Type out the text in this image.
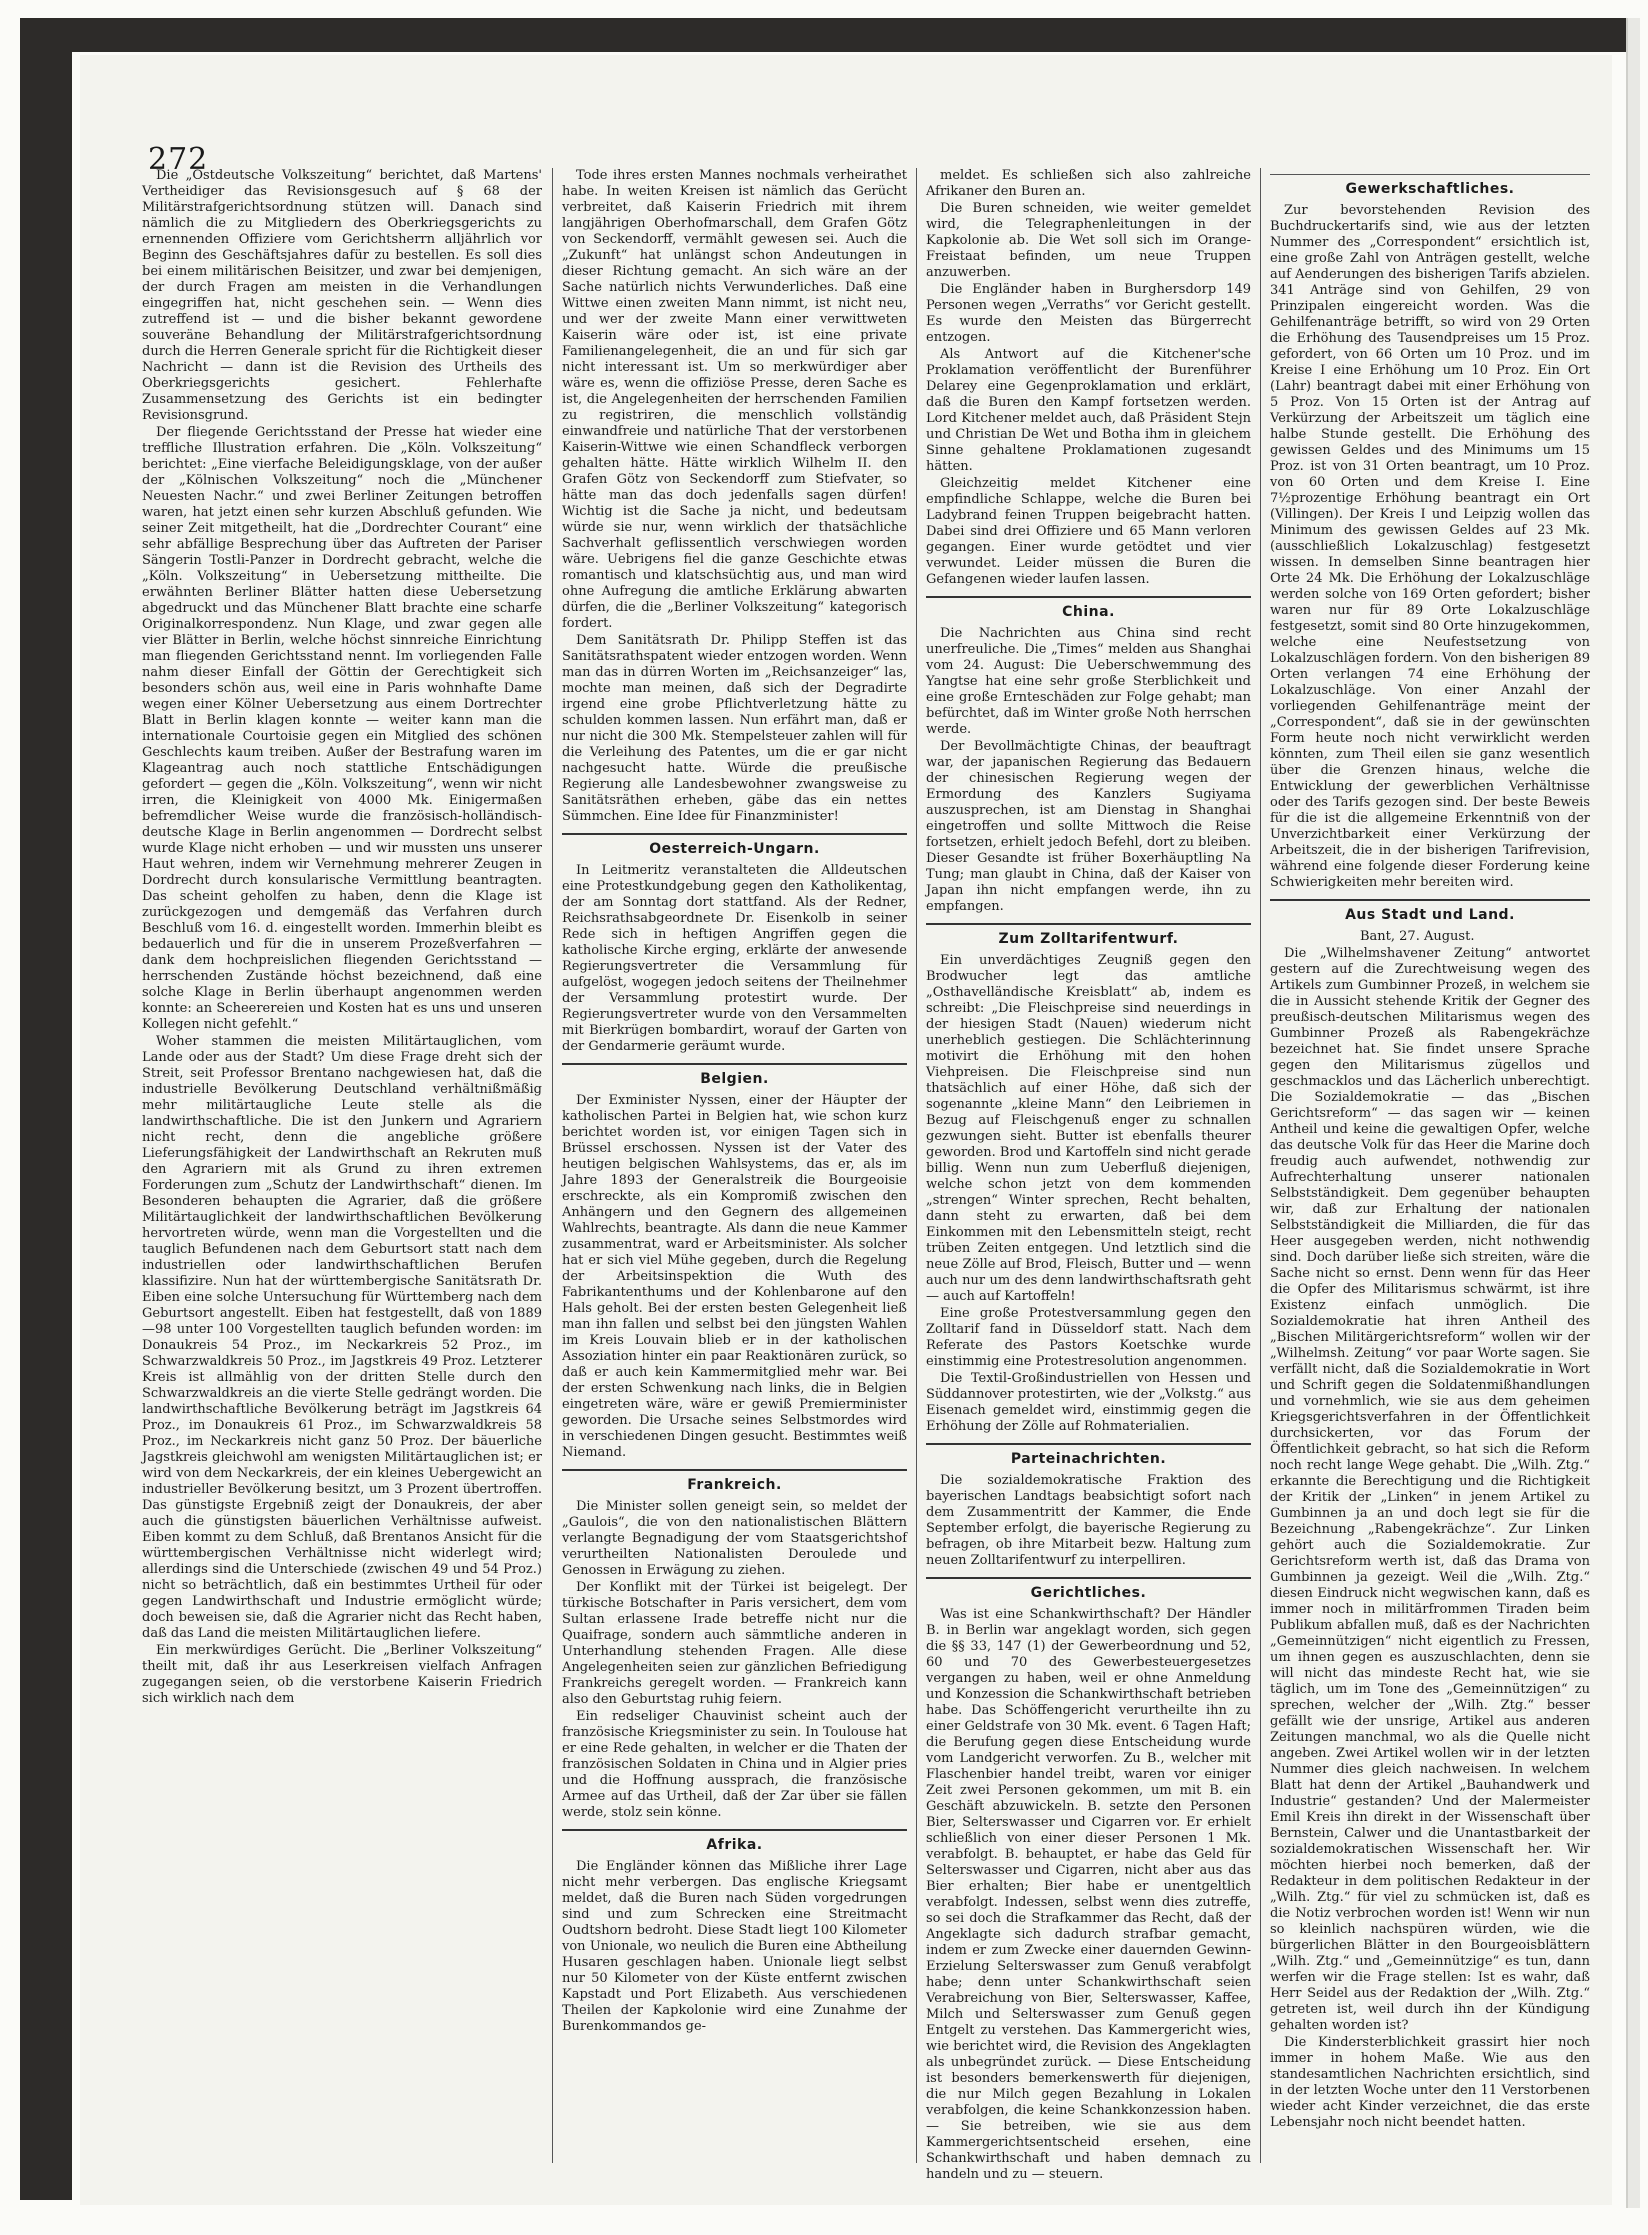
272

Die „Ostdeutsche Volkszeitung“ berichtet, daß Martens' Vertheidiger das Revisionsgesuch auf § 68 der Militärstrafgerichtsordnung stützen will. Danach sind nämlich die zu Mitgliedern des Oberkriegsgerichts zu ernennenden Offiziere vom Gerichtsherrn alljährlich vor Beginn des Geschäftsjahres dafür zu bestellen. Es soll dies bei einem militärischen Beisitzer, und zwar bei demjenigen, der durch Fragen am meisten in die Verhandlungen eingegriffen hat, nicht geschehen sein. — Wenn dies zutreffend ist — und die bisher bekannt gewordene souveräne Behandlung der Militärstrafgerichtsordnung durch die Herren Generale spricht für die Richtigkeit dieser Nachricht — dann ist die Revision des Urtheils des Oberkriegsgerichts gesichert. Fehlerhafte Zusammensetzung des Gerichts ist ein bedingter Revisionsgrund.

Der fliegende Gerichtsstand der Presse hat wieder eine treffliche Illustration erfahren. Die „Köln. Volkszeitung“ berichtet: „Eine vierfache Beleidigungsklage, von der außer der „Kölnischen Volkszeitung“ noch die „Münchener Neuesten Nachr.“ und zwei Berliner Zeitungen betroffen waren, hat jetzt einen sehr kurzen Abschluß gefunden. Wie seiner Zeit mitgetheilt, hat die „Dordrechter Courant“ eine sehr abfällige Besprechung über das Auftreten der Pariser Sängerin Tostli-Panzer in Dordrecht gebracht, welche die „Köln. Volkszeitung“ in Uebersetzung mittheilte. Die erwähnten Berliner Blätter hatten diese Uebersetzung abgedruckt und das Münchener Blatt brachte eine scharfe Originalkorrespondenz. Nun Klage, und zwar gegen alle vier Blätter in Berlin, welche höchst sinnreiche Einrichtung man fliegenden Gerichtsstand nennt. Im vorliegenden Falle nahm dieser Einfall der Göttin der Gerechtigkeit sich besonders schön aus, weil eine in Paris wohnhafte Dame wegen einer Kölner Uebersetzung aus einem Dortrechter Blatt in Berlin klagen konnte — weiter kann man die internationale Courtoisie gegen ein Mitglied des schönen Geschlechts kaum treiben. Außer der Bestrafung waren im Klageantrag auch noch stattliche Entschädigungen gefordert — gegen die „Köln. Volkszeitung“, wenn wir nicht irren, die Kleinigkeit von 4000 Mk. Einigermaßen befremdlicher Weise wurde die französisch-holländisch-deutsche Klage in Berlin angenommen — Dordrecht selbst wurde Klage nicht erhoben — und wir mussten uns unserer Haut wehren, indem wir Vernehmung mehrerer Zeugen in Dordrecht durch konsularische Vermittlung beantragten. Das scheint geholfen zu haben, denn die Klage ist zurückgezogen und demgemäß das Verfahren durch Beschluß vom 16. d. eingestellt worden. Immerhin bleibt es bedauerlich und für die in unserem Prozeßverfahren — dank dem hochpreislichen fliegenden Gerichtsstand — herrschenden Zustände höchst bezeichnend, daß eine solche Klage in Berlin überhaupt angenommen werden konnte: an Scheerereien und Kosten hat es uns und unseren Kollegen nicht gefehlt.“

Woher stammen die meisten Militärtauglichen, vom Lande oder aus der Stadt? Um diese Frage dreht sich der Streit, seit Professor Brentano nachgewiesen hat, daß die industrielle Bevölkerung Deutschland verhältnißmäßig mehr militärtaugliche Leute stelle als die landwirthschaftliche. Die ist den Junkern und Agrariern nicht recht, denn die angebliche größere Lieferungsfähigkeit der Landwirthschaft an Rekruten muß den Agrariern mit als Grund zu ihren extremen Forderungen zum „Schutz der Landwirthschaft“ dienen. Im Besonderen behaupten die Agrarier, daß die größere Militärtauglichkeit der landwirthschaftlichen Bevölkerung hervortreten würde, wenn man die Vorgestellten und die tauglich Befundenen nach dem Geburtsort statt nach dem industriellen oder landwirthschaftlichen Berufen klassifizire. Nun hat der württembergische Sanitätsrath Dr. Eiben eine solche Untersuchung für Württemberg nach dem Geburtsort angestellt. Eiben hat festgestellt, daß von 1889—98 unter 100 Vorgestellten tauglich befunden worden: im Donaukreis 54 Proz., im Neckarkreis 52 Proz., im Schwarzwaldkreis 50 Proz., im Jagstkreis 49 Proz. Letzterer Kreis ist allmählig von der dritten Stelle durch den Schwarzwaldkreis an die vierte Stelle gedrängt worden. Die landwirthschaftliche Bevölkerung beträgt im Jagstkreis 64 Proz., im Donaukreis 61 Proz., im Schwarzwaldkreis 58 Proz., im Neckarkreis nicht ganz 50 Proz. Der bäuerliche Jagstkreis gleichwohl am wenigsten Militärtauglichen ist; er wird von dem Neckarkreis, der ein kleines Uebergewicht an industrieller Bevölkerung besitzt, um 3 Prozent übertroffen. Das günstigste Ergebniß zeigt der Donaukreis, der aber auch die günstigsten bäuerlichen Verhältnisse aufweist. Eiben kommt zu dem Schluß, daß Brentanos Ansicht für die württembergischen Verhältnisse nicht widerlegt wird; allerdings sind die Unterschiede (zwischen 49 und 54 Proz.) nicht so beträchtlich, daß ein bestimmtes Urtheil für oder gegen Landwirthschaft und Industrie ermöglicht würde; doch beweisen sie, daß die Agrarier nicht das Recht haben, daß das Land die meisten Militärtauglichen liefere.

Ein merkwürdiges Gerücht. Die „Berliner Volkszeitung“ theilt mit, daß ihr aus Leserkreisen vielfach Anfragen zugegangen seien, ob die verstorbene Kaiserin Friedrich sich wirklich nach dem

Tode ihres ersten Mannes nochmals verheirathet habe. In weiten Kreisen ist nämlich das Gerücht verbreitet, daß Kaiserin Friedrich mit ihrem langjährigen Oberhofmarschall, dem Grafen Götz von Seckendorff, vermählt gewesen sei. Auch die „Zukunft“ hat unlängst schon Andeutungen in dieser Richtung gemacht. An sich wäre an der Sache natürlich nichts Verwunderliches. Daß eine Wittwe einen zweiten Mann nimmt, ist nicht neu, und wer der zweite Mann einer verwittweten Kaiserin wäre oder ist, ist eine private Familienangelegenheit, die an und für sich gar nicht interessant ist. Um so merkwürdiger aber wäre es, wenn die offiziöse Presse, deren Sache es ist, die Angelegenheiten der herrschenden Familien zu registriren, die menschlich vollständig einwandfreie und natürliche That der verstorbenen Kaiserin-Wittwe wie einen Schandfleck verborgen gehalten hätte. Hätte wirklich Wilhelm II. den Grafen Götz von Seckendorff zum Stiefvater, so hätte man das doch jedenfalls sagen dürfen! Wichtig ist die Sache ja nicht, und bedeutsam würde sie nur, wenn wirklich der thatsächliche Sachverhalt geflissentlich verschwiegen worden wäre. Uebrigens fiel die ganze Geschichte etwas romantisch und klatschsüchtig aus, und man wird ohne Aufregung die amtliche Erklärung abwarten dürfen, die die „Berliner Volkszeitung“ kategorisch fordert.

Dem Sanitätsrath Dr. Philipp Steffen ist das Sanitätsrathspatent wieder entzogen worden. Wenn man das in dürren Worten im „Reichsanzeiger“ las, mochte man meinen, daß sich der Degradirte irgend eine grobe Pflichtverletzung hätte zu schulden kommen lassen. Nun erfährt man, daß er nur nicht die 300 Mk. Stempelsteuer zahlen will für die Verleihung des Patentes, um die er gar nicht nachgesucht hatte. Würde die preußische Regierung alle Landesbewohner zwangsweise zu Sanitätsräthen erheben, gäbe das ein nettes Sümmchen. Eine Idee für Finanzminister!

Oesterreich-Ungarn.

In Leitmeritz veranstalteten die Alldeutschen eine Protestkundgebung gegen den Katholikentag, der am Sonntag dort stattfand. Als der Redner, Reichsrathsabgeordnete Dr. Eisenkolb in seiner Rede sich in heftigen Angriffen gegen die katholische Kirche erging, erklärte der anwesende Regierungsvertreter die Versammlung für aufgelöst, wogegen jedoch seitens der Theilnehmer der Versammlung protestirt wurde. Der Regierungsvertreter wurde von den Versammelten mit Bierkrügen bombardirt, worauf der Garten von der Gendarmerie geräumt wurde.

Belgien.

Der Exminister Nyssen, einer der Häupter der katholischen Partei in Belgien hat, wie schon kurz berichtet worden ist, vor einigen Tagen sich in Brüssel erschossen. Nyssen ist der Vater des heutigen belgischen Wahlsystems, das er, als im Jahre 1893 der Generalstreik die Bourgeoisie erschreckte, als ein Kompromiß zwischen den Anhängern und den Gegnern des allgemeinen Wahlrechts, beantragte. Als dann die neue Kammer zusammentrat, ward er Arbeitsminister. Als solcher hat er sich viel Mühe gegeben, durch die Regelung der Arbeitsinspektion die Wuth des Fabrikantenthums und der Kohlenbarone auf den Hals geholt. Bei der ersten besten Gelegenheit ließ man ihn fallen und selbst bei den jüngsten Wahlen im Kreis Louvain blieb er in der katholischen Assoziation hinter ein paar Reaktionären zurück, so daß er auch kein Kammermitglied mehr war. Bei der ersten Schwenkung nach links, die in Belgien eingetreten wäre, wäre er gewiß Premierminister geworden. Die Ursache seines Selbstmordes wird in verschiedenen Dingen gesucht. Bestimmtes weiß Niemand.

Frankreich.

Die Minister sollen geneigt sein, so meldet der „Gaulois“, die von den nationalistischen Blättern verlangte Begnadigung der vom Staatsgerichtshof verurtheilten Nationalisten Deroulede und Genossen in Erwägung zu ziehen.

Der Konflikt mit der Türkei ist beigelegt. Der türkische Botschafter in Paris versichert, dem vom Sultan erlassene Irade betreffe nicht nur die Quaifrage, sondern auch sämmtliche anderen in Unterhandlung stehenden Fragen. Alle diese Angelegenheiten seien zur gänzlichen Befriedigung Frankreichs geregelt worden. — Frankreich kann also den Geburtstag ruhig feiern.

Ein redseliger Chauvinist scheint auch der französische Kriegsminister zu sein. In Toulouse hat er eine Rede gehalten, in welcher er die Thaten der französischen Soldaten in China und in Algier pries und die Hoffnung aussprach, die französische Armee auf das Urtheil, daß der Zar über sie fällen werde, stolz sein könne.

Afrika.

Die Engländer können das Mißliche ihrer Lage nicht mehr verbergen. Das englische Kriegsamt meldet, daß die Buren nach Süden vorgedrungen sind und zum Schrecken eine Streitmacht Oudtshorn bedroht. Diese Stadt liegt 100 Kilometer von Unionale, wo neulich die Buren eine Abtheilung Husaren geschlagen haben. Unionale liegt selbst nur 50 Kilometer von der Küste entfernt zwischen Kapstadt und Port Elizabeth. Aus verschiedenen Theilen der Kapkolonie wird eine Zunahme der Burenkommandos ge-

meldet. Es schließen sich also zahlreiche Afrikaner den Buren an.

Die Buren schneiden, wie weiter gemeldet wird, die Telegraphenleitungen in der Kapkolonie ab. Die Wet soll sich im Orange-Freistaat befinden, um neue Truppen anzuwerben.

Die Engländer haben in Burghersdorp 149 Personen wegen „Verraths“ vor Gericht gestellt. Es wurde den Meisten das Bürgerrecht entzogen.

Als Antwort auf die Kitchener'sche Proklamation veröffentlicht der Burenführer Delarey eine Gegenproklamation und erklärt, daß die Buren den Kampf fortsetzen werden. Lord Kitchener meldet auch, daß Präsident Stejn und Christian De Wet und Botha ihm in gleichem Sinne gehaltene Proklamationen zugesandt hätten.

Gleichzeitig meldet Kitchener eine empfindliche Schlappe, welche die Buren bei Ladybrand feinen Truppen beigebracht hatten. Dabei sind drei Offiziere und 65 Mann verloren gegangen. Einer wurde getödtet und vier verwundet. Leider müssen die Buren die Gefangenen wieder laufen lassen.

China.

Die Nachrichten aus China sind recht unerfreuliche. Die „Times“ melden aus Shanghai vom 24. August: Die Ueberschwemmung des Yangtse hat eine sehr große Sterblichkeit und eine große Ernteschäden zur Folge gehabt; man befürchtet, daß im Winter große Noth herrschen werde.

Der Bevollmächtigte Chinas, der beauftragt war, der japanischen Regierung das Bedauern der chinesischen Regierung wegen der Ermordung des Kanzlers Sugiyama auszusprechen, ist am Dienstag in Shanghai eingetroffen und sollte Mittwoch die Reise fortsetzen, erhielt jedoch Befehl, dort zu bleiben. Dieser Gesandte ist früher Boxerhäuptling Na Tung; man glaubt in China, daß der Kaiser von Japan ihn nicht empfangen werde, ihn zu empfangen.

Zum Zolltarifentwurf.

Ein unverdächtiges Zeugniß gegen den Brodwucher legt das amtliche „Osthavelländische Kreisblatt“ ab, indem es schreibt: „Die Fleischpreise sind neuerdings in der hiesigen Stadt (Nauen) wiederum nicht unerheblich gestiegen. Die Schlächterinnung motivirt die Erhöhung mit den hohen Viehpreisen. Die Fleischpreise sind nun thatsächlich auf einer Höhe, daß sich der sogenannte „kleine Mann“ den Leibriemen in Bezug auf Fleischgenuß enger zu schnallen gezwungen sieht. Butter ist ebenfalls theurer geworden. Brod und Kartoffeln sind nicht gerade billig. Wenn nun zum Ueberfluß diejenigen, welche schon jetzt von dem kommenden „strengen“ Winter sprechen, Recht behalten, dann steht zu erwarten, daß bei dem Einkommen mit den Lebensmitteln steigt, recht trüben Zeiten entgegen. Und letztlich sind die neue Zölle auf Brod, Fleisch, Butter und — wenn auch nur um des denn landwirthschaftsrath geht — auch auf Kartoffeln!

Eine große Protestversammlung gegen den Zolltarif fand in Düsseldorf statt. Nach dem Referate des Pastors Koetschke wurde einstimmig eine Protestresolution angenommen.

Die Textil-Großindustriellen von Hessen und Süddannover protestirten, wie der „Volkstg.“ aus Eisenach gemeldet wird, einstimmig gegen die Erhöhung der Zölle auf Rohmaterialien.

Parteinachrichten.

Die sozialdemokratische Fraktion des bayerischen Landtags beabsichtigt sofort nach dem Zusammentritt der Kammer, die Ende September erfolgt, die bayerische Regierung zu befragen, ob ihre Mitarbeit bezw. Haltung zum neuen Zolltarifentwurf zu interpelliren.

Gerichtliches.

Was ist eine Schankwirthschaft? Der Händler B. in Berlin war angeklagt worden, sich gegen die §§ 33, 147 (1) der Gewerbeordnung und 52, 60 und 70 des Gewerbesteuergesetzes vergangen zu haben, weil er ohne Anmeldung und Konzession die Schankwirthschaft betrieben habe. Das Schöffengericht verurtheilte ihn zu einer Geldstrafe von 30 Mk. event. 6 Tagen Haft; die Berufung gegen diese Entscheidung wurde vom Landgericht verworfen. Zu B., welcher mit Flaschenbier handel treibt, waren vor einiger Zeit zwei Personen gekommen, um mit B. ein Geschäft abzuwickeln. B. setzte den Personen Bier, Selterswasser und Cigarren vor. Er erhielt schließlich von einer dieser Personen 1 Mk. verabfolgt. B. behauptet, er habe das Geld für Selterswasser und Cigarren, nicht aber aus das Bier erhalten; Bier habe er unentgeltlich verabfolgt. Indessen, selbst wenn dies zutreffe, so sei doch die Strafkammer das Recht, daß der Angeklagte sich dadurch strafbar gemacht, indem er zum Zwecke einer dauernden Gewinn-Erzielung Selterswasser zum Genuß verabfolgt habe; denn unter Schankwirthschaft seien Verabreichung von Bier, Selterswasser, Kaffee, Milch und Selterswasser zum Genuß gegen Entgelt zu verstehen. Das Kammergericht wies, wie berichtet wird, die Revision des Angeklagten als unbegründet zurück. — Diese Entscheidung ist besonders bemerkenswerth für diejenigen, die nur Milch gegen Bezahlung in Lokalen verabfolgen, die keine Schankkonzession haben. — Sie betreiben, wie sie aus dem Kammergerichtsentscheid ersehen, eine Schankwirthschaft und haben demnach zu handeln und zu — steuern.

Gewerkschaftliches.

Zur bevorstehenden Revision des Buchdruckertarifs sind, wie aus der letzten Nummer des „Correspondent“ ersichtlich ist, eine große Zahl von Anträgen gestellt, welche auf Aenderungen des bisherigen Tarifs abzielen. 341 Anträge sind von Gehilfen, 29 von Prinzipalen eingereicht worden. Was die Gehilfenanträge betrifft, so wird von 29 Orten die Erhöhung des Tausendpreises um 15 Proz. gefordert, von 66 Orten um 10 Proz. und im Kreise I eine Erhöhung um 10 Proz. Ein Ort (Lahr) beantragt dabei mit einer Erhöhung von 5 Proz. Von 15 Orten ist der Antrag auf Verkürzung der Arbeitszeit um täglich eine halbe Stunde gestellt. Die Erhöhung des gewissen Geldes und des Minimums um 15 Proz. ist von 31 Orten beantragt, um 10 Proz. von 60 Orten und dem Kreise I. Eine 7½prozentige Erhöhung beantragt ein Ort (Villingen). Der Kreis I und Leipzig wollen das Minimum des gewissen Geldes auf 23 Mk. (ausschließlich Lokalzuschlag) festgesetzt wissen. In demselben Sinne beantragen hier Orte 24 Mk. Die Erhöhung der Lokalzuschläge werden solche von 169 Orten gefordert; bisher waren nur für 89 Orte Lokalzuschläge festgesetzt, somit sind 80 Orte hinzugekommen, welche eine Neufestsetzung von Lokalzuschlägen fordern. Von den bisherigen 89 Orten verlangen 74 eine Erhöhung der Lokalzuschläge. Von einer Anzahl der vorliegenden Gehilfenanträge meint der „Correspondent“, daß sie in der gewünschten Form heute noch nicht verwirklicht werden könnten, zum Theil eilen sie ganz wesentlich über die Grenzen hinaus, welche die Entwicklung der gewerblichen Verhältnisse oder des Tarifs gezogen sind. Der beste Beweis für die ist die allgemeine Erkenntniß von der Unverzichtbarkeit einer Verkürzung der Arbeitszeit, die in der bisherigen Tarifrevision, während eine folgende dieser Forderung keine Schwierigkeiten mehr bereiten wird.

Aus Stadt und Land.

Bant, 27. August.

Die „Wilhelmshavener Zeitung“ antwortet gestern auf die Zurechtweisung wegen des Artikels zum Gumbinner Prozeß, in welchem sie die in Aussicht stehende Kritik der Gegner des preußisch-deutschen Militarismus wegen des Gumbinner Prozeß als Rabengekrächze bezeichnet hat. Sie findet unsere Sprache gegen den Militarismus zügellos und geschmacklos und das Lächerlich unberechtigt. Die Sozialdemokratie — das „Bischen Gerichtsreform“ — das sagen wir — keinen Antheil und keine die gewaltigen Opfer, welche das deutsche Volk für das Heer die Marine doch freudig auch aufwendet, nothwendig zur Aufrechterhaltung unserer nationalen Selbstständigkeit. Dem gegenüber behaupten wir, daß zur Erhaltung der nationalen Selbstständigkeit die Milliarden, die für das Heer ausgegeben werden, nicht nothwendig sind. Doch darüber ließe sich streiten, wäre die Sache nicht so ernst. Denn wenn für das Heer die Opfer des Militarismus schwärmt, ist ihre Existenz einfach unmöglich. Die Sozialdemokratie hat ihren Antheil des „Bischen Militärgerichtsreform“ wollen wir der „Wilhelmsh. Zeitung“ vor paar Worte sagen. Sie verfällt nicht, daß die Sozialdemokratie in Wort und Schrift gegen die Soldatenmißhandlungen und vornehmlich, wie sie aus dem geheimen Kriegsgerichtsverfahren in der Öffentlichkeit durchsickerten, vor das Forum der Öffentlichkeit gebracht, so hat sich die Reform noch recht lange Wege gehabt. Die „Wilh. Ztg.“ erkannte die Berechtigung und die Richtigkeit der Kritik der „Linken“ in jenem Artikel zu Gumbinnen ja an und doch legt sie für die Bezeichnung „Rabengekrächze“. Zur Linken gehört auch die Sozialdemokratie. Zur Gerichtsreform werth ist, daß das Drama von Gumbinnen ja gezeigt. Weil die „Wilh. Ztg.“ diesen Eindruck nicht wegwischen kann, daß es immer noch in militärfrommen Tiraden beim Publikum abfallen muß, daß es der Nachrichten „Gemeinnützigen“ nicht eigentlich zu Fressen, um ihnen gegen es auszuschlachten, denn sie will nicht das mindeste Recht hat, wie sie täglich, um im Tone des „Gemeinnützigen“ zu sprechen, welcher der „Wilh. Ztg.“ besser gefällt wie der unsrige, Artikel aus anderen Zeitungen manchmal, wo als die Quelle nicht angeben. Zwei Artikel wollen wir in der letzten Nummer dies gleich nachweisen. In welchem Blatt hat denn der Artikel „Bauhandwerk und Industrie“ gestanden? Und der Malermeister Emil Kreis ihn direkt in der Wissenschaft über Bernstein, Calwer und die Unantastbarkeit der sozialdemokratischen Wissenschaft her. Wir möchten hierbei noch bemerken, daß der Redakteur in dem politischen Redakteur in der „Wilh. Ztg.“ für viel zu schmücken ist, daß es die Notiz verbrochen worden ist! Wenn wir nun so kleinlich nachspüren würden, wie die bürgerlichen Blätter in den Bourgeoisblättern „Wilh. Ztg.“ und „Gemeinnützige“ es tun, dann werfen wir die Frage stellen: Ist es wahr, daß Herr Seidel aus der Redaktion der „Wilh. Ztg.“ getreten ist, weil durch ihn der Kündigung gehalten worden ist?

Die Kindersterblichkeit grassirt hier noch immer in hohem Maße. Wie aus den standesamtlichen Nachrichten ersichtlich, sind in der letzten Woche unter den 11 Verstorbenen wieder acht Kinder verzeichnet, die das erste Lebensjahr noch nicht beendet hatten.
